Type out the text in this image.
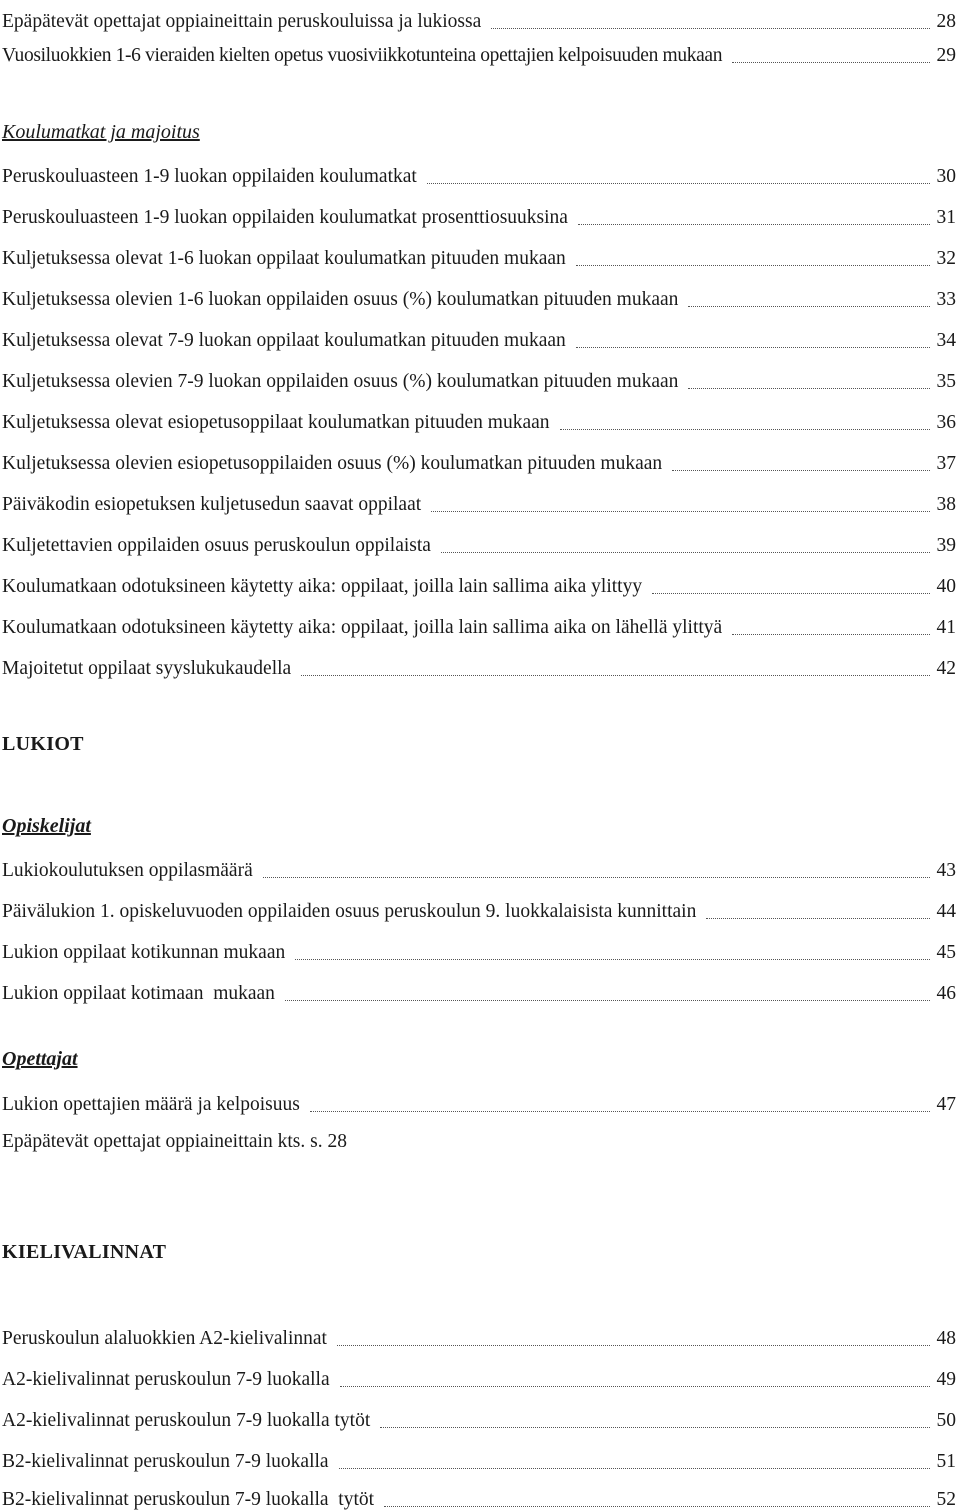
Epäpätevät opettajat oppiaineittain peruskouluissa ja lukiossa	28
Vuosiluokkien 1-6 vieraiden kielten opetus vuosiviikkotunteina opettajien kelpoisuuden mukaan	29
Koulumatkat ja majoitus
Peruskouluasteen 1-9 luokan oppilaiden koulumatkat	30
Peruskouluasteen 1-9 luokan oppilaiden koulumatkat prosenttiosuuksina	31
Kuljetuksessa olevat 1-6 luokan oppilaat koulumatkan pituuden mukaan	32
Kuljetuksessa olevien 1-6 luokan oppilaiden osuus (%) koulumatkan pituuden mukaan	33
Kuljetuksessa olevat 7-9 luokan oppilaat koulumatkan pituuden mukaan	34
Kuljetuksessa olevien 7-9 luokan oppilaiden osuus (%) koulumatkan pituuden mukaan	35
Kuljetuksessa olevat esiopetusoppilaat koulumatkan pituuden mukaan	36
Kuljetuksessa olevien esiopetusoppilaiden osuus (%) koulumatkan pituuden mukaan	37
Päiväkodin esiopetuksen kuljetusedun saavat oppilaat	38
Kuljetettavien oppilaiden osuus peruskoulun oppilaista	39
Koulumatkaan odotuksineen käytetty aika: oppilaat, joilla lain sallima aika ylittyy	40
Koulumatkaan odotuksineen käytetty aika: oppilaat, joilla lain sallima aika on lähellä ylittyä	41
Majoitetut oppilaat syyslukukaudella	42
LUKIOT
Opiskelijat
Lukiokoulutuksen oppilasmäärä	43
Päivälukion 1. opiskeluvuoden oppilaiden osuus peruskoulun 9. luokkalaisista kunnittain	44
Lukion oppilaat kotikunnan mukaan	45
Lukion oppilaat kotimaan  mukaan	46
Opettajat
Lukion opettajien määrä ja kelpoisuus	47
Epäpätevät opettajat oppiaineittain kts. s. 28
KIELIVALINNAT
Peruskoulun alaluokkien A2-kielivalinnat	48
A2-kielivalinnat peruskoulun 7-9 luokalla	49
A2-kielivalinnat peruskoulun 7-9 luokalla tytöt	50
B2-kielivalinnat peruskoulun 7-9 luokalla	51
B2-kielivalinnat peruskoulun 7-9 luokalla  tytöt	52
